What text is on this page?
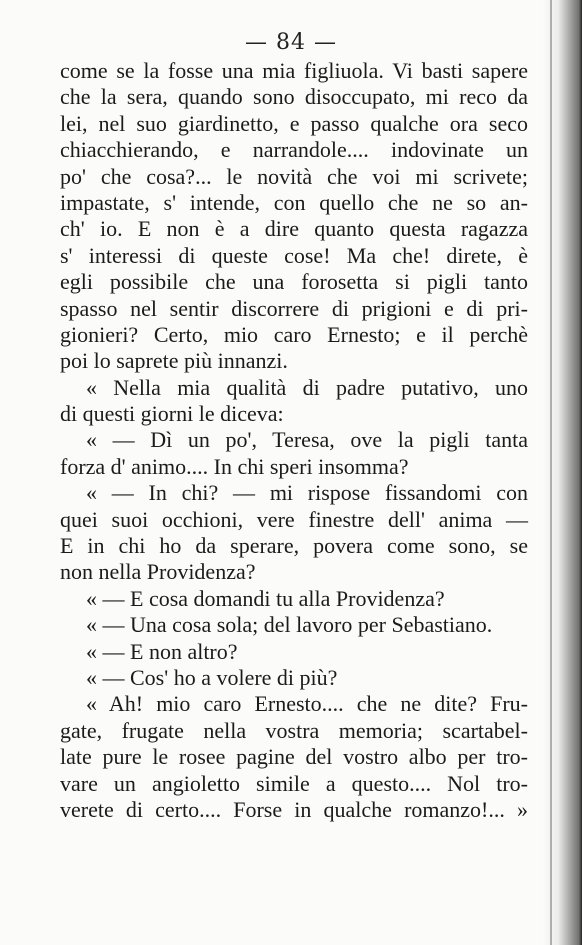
— 84 —
come se la fosse una mia figliuola. Vi basti sapere
che la sera, quando sono disoccupato, mi reco da
lei, nel suo giardinetto, e passo qualche ora seco
chiacchierando, e narrandole.... indovinate un
po' che cosa?... le novità che voi mi scrivete;
impastate, s' intende, con quello che ne so an-
ch' io. E non è a dire quanto questa ragazza
s' interessi di queste cose! Ma che! direte, è
egli possibile che una forosetta si pigli tanto
spasso nel sentir discorrere di prigioni e di pri-
gionieri? Certo, mio caro Ernesto; e il perchè
poi lo saprete più innanzi.
« Nella mia qualità di padre putativo, uno
di questi giorni le diceva:
« — Dì un po', Teresa, ove la pigli tanta
forza d' animo.... In chi speri insomma?
« — In chi? — mi rispose fissandomi con
quei suoi occhioni, vere finestre dell' anima —
E in chi ho da sperare, povera come sono, se
non nella Providenza?
« — E cosa domandi tu alla Providenza?
« — Una cosa sola; del lavoro per Sebastiano.
« — E non altro?
« — Cos' ho a volere di più?
« Ah! mio caro Ernesto.... che ne dite? Fru-
gate, frugate nella vostra memoria; scartabel-
late pure le rosee pagine del vostro albo per tro-
vare un angioletto simile a questo.... Nol tro-
verete di certo.... Forse in qualche romanzo!... »
